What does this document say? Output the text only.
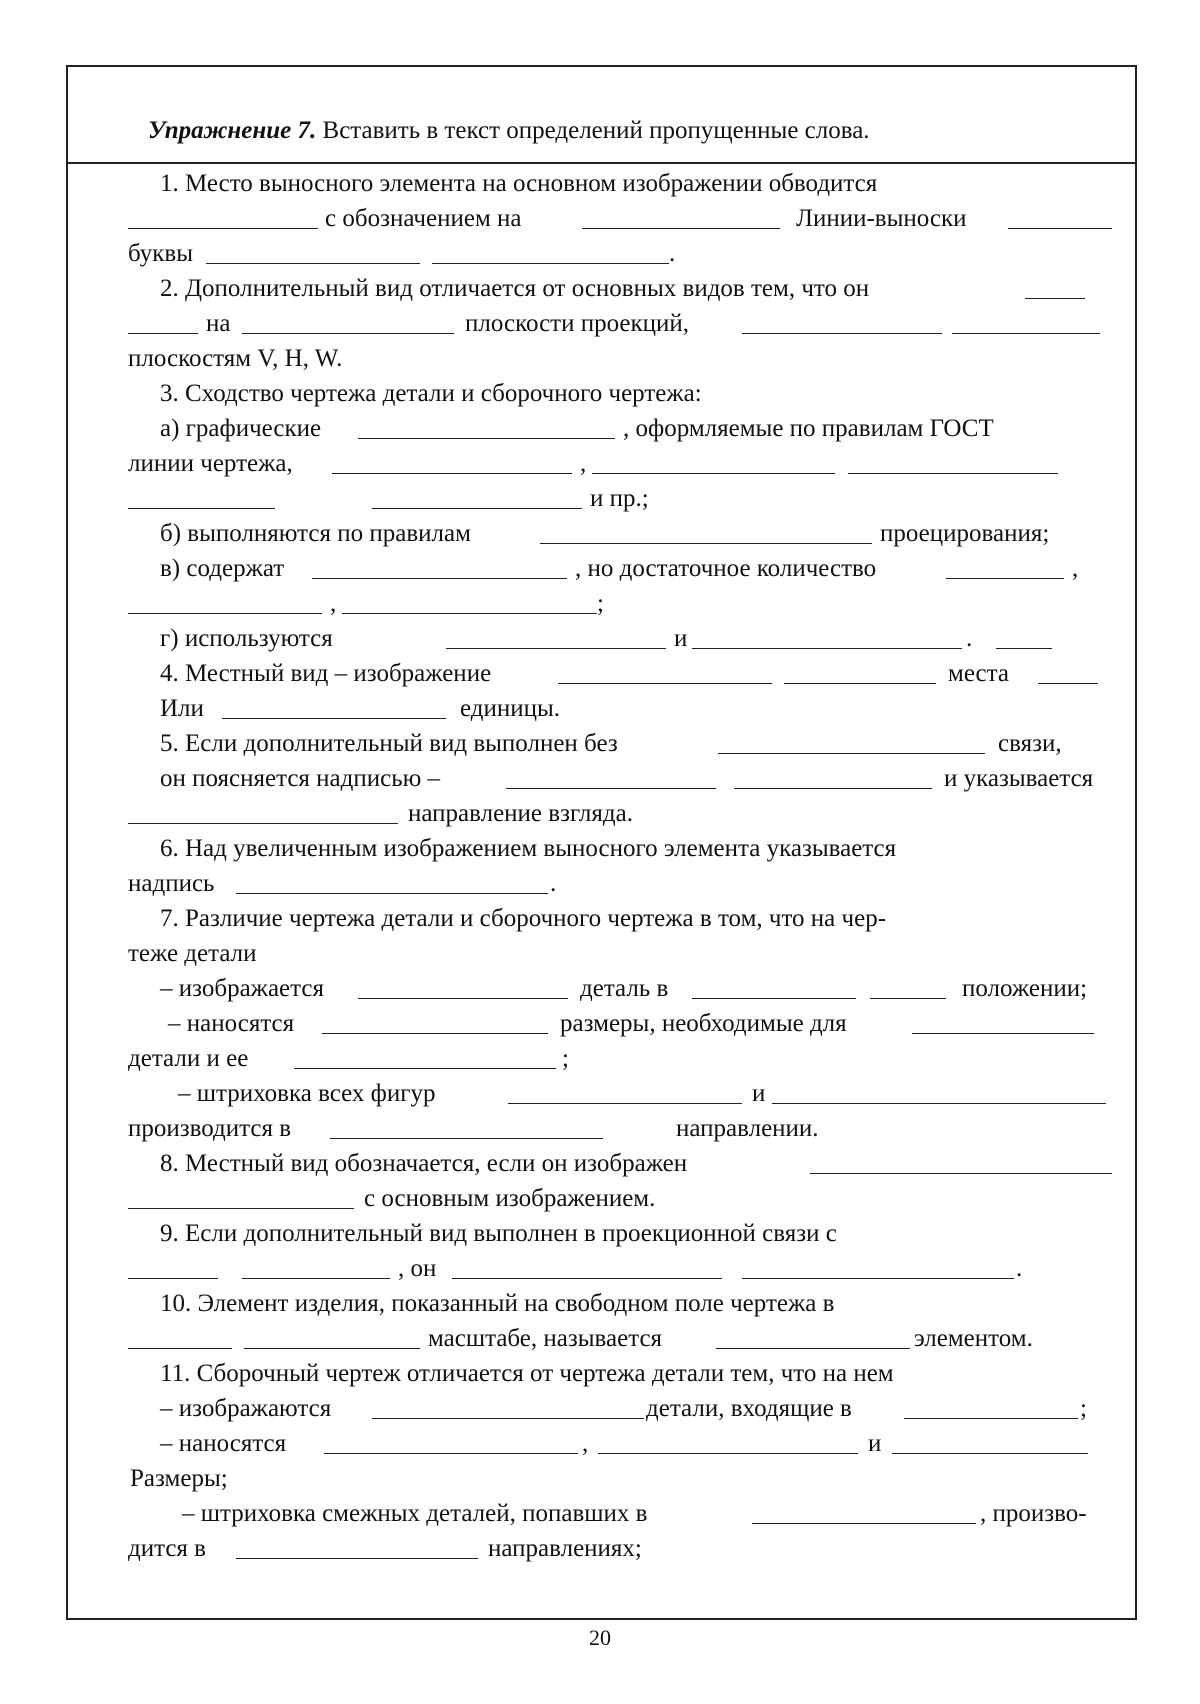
Упражнение 7. Вставить в текст определений пропущенные слова.
1. Место выносного элемента на основном изображении обводится
с обозначением на	Линии-выноски
буквы	.
2. Дополнительный вид отличается от основных видов тем, что он
на	плоскости проекций,
плоскостям V, H, W.
3. Сходство чертежа детали и сборочного чертежа:
а) графические	, оформляемые по правилам ГОСТ
линии чертежа,	,
и пр.;
б) выполняются по правилам	проецирования;
в) содержат	, но достаточное количество	,
,	;
г) используются	и	.
4. Местный вид – изображение	места
Или	единицы.
5. Если дополнительный вид выполнен без	связи,
он поясняется надписью –	и указывается
направление взгляда.
6. Над увеличенным изображением выносного элемента указывается
надпись	.
7. Различие чертежа детали и сборочного чертежа в том, что на чер-
теже детали
– изображается	деталь в	положении;
– наносятся	размеры, необходимые для
детали и ее	;
– штриховка всех фигур	и
производится в	направлении.
8. Местный вид обозначается, если он изображен
с основным изображением.
9. Если дополнительный вид выполнен в проекционной связи с
, он	.
10. Элемент изделия, показанный на свободном поле чертежа в
масштабе, называется	элементом.
11. Сборочный чертеж отличается от чертежа детали тем, что на нем
– изображаются	детали, входящие в	;
– наносятся	,	и
Размеры;
– штриховка смежных деталей, попавших в	, произво-
дится в	направлениях;
20
